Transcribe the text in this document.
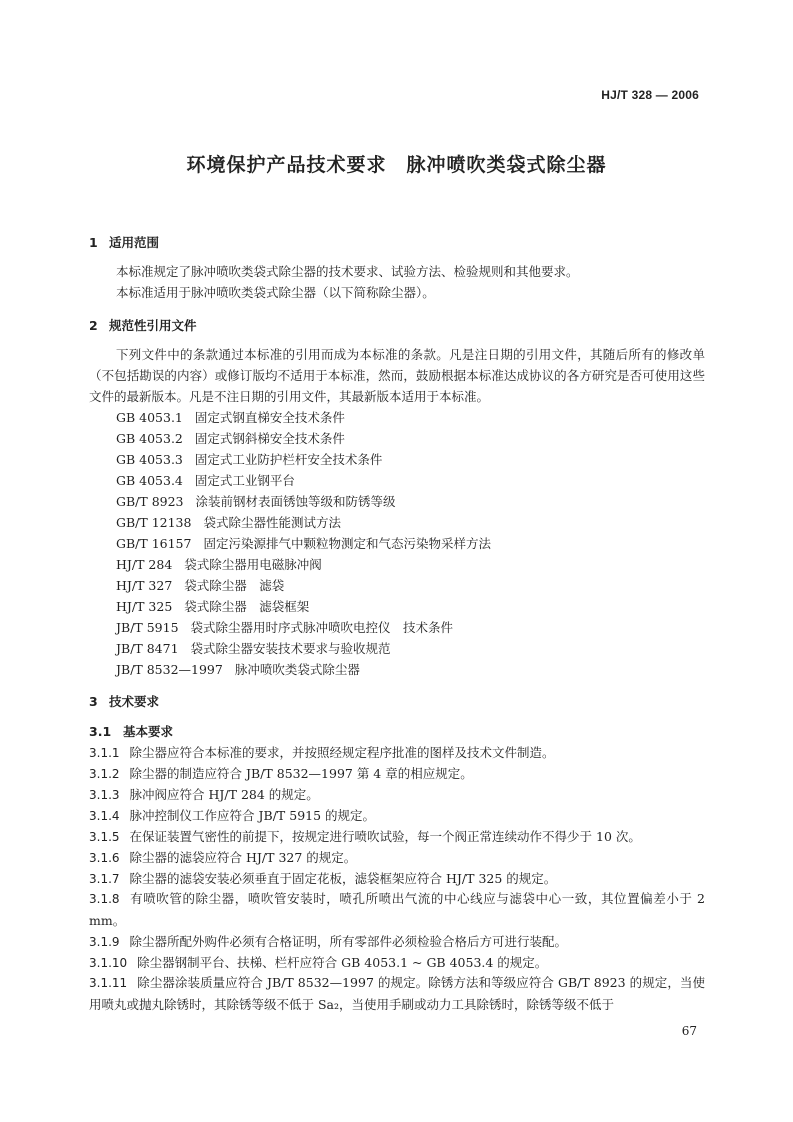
HJ/T 328 — 2006
环境保护产品技术要求　脉冲喷吹类袋式除尘器
1 适用范围
本标准规定了脉冲喷吹类袋式除尘器的技术要求、试验方法、检验规则和其他要求。
本标准适用于脉冲喷吹类袋式除尘器（以下简称除尘器）。
2 规范性引用文件
下列文件中的条款通过本标准的引用而成为本标准的条款。凡是注日期的引用文件，其随后所有的修改单（不包括勘误的内容）或修订版均不适用于本标准，然而，鼓励根据本标准达成协议的各方研究是否可使用这些文件的最新版本。凡是不注日期的引用文件，其最新版本适用于本标准。
GB 4053.1 固定式钢直梯安全技术条件
GB 4053.2 固定式钢斜梯安全技术条件
GB 4053.3 固定式工业防护栏杆安全技术条件
GB 4053.4 固定式工业钢平台
GB/T 8923 涂装前钢材表面锈蚀等级和防锈等级
GB/T 12138 袋式除尘器性能测试方法
GB/T 16157 固定污染源排气中颗粒物测定和气态污染物采样方法
HJ/T 284 袋式除尘器用电磁脉冲阀
HJ/T 327 袋式除尘器　滤袋
HJ/T 325 袋式除尘器　滤袋框架
JB/T 5915 袋式除尘器用时序式脉冲喷吹电控仪　技术条件
JB/T 8471 袋式除尘器安装技术要求与验收规范
JB/T 8532—1997 脉冲喷吹类袋式除尘器
3 技术要求
3.1 基本要求
3.1.1 除尘器应符合本标准的要求，并按照经规定程序批准的图样及技术文件制造。
3.1.2 除尘器的制造应符合 JB/T 8532—1997 第 4 章的相应规定。
3.1.3 脉冲阀应符合 HJ/T 284 的规定。
3.1.4 脉冲控制仪工作应符合 JB/T 5915 的规定。
3.1.5 在保证装置气密性的前提下，按规定进行喷吹试验，每一个阀正常连续动作不得少于 10 次。
3.1.6 除尘器的滤袋应符合 HJ/T 327 的规定。
3.1.7 除尘器的滤袋安装必须垂直于固定花板，滤袋框架应符合 HJ/T 325 的规定。
3.1.8 有喷吹管的除尘器，喷吹管安装时，喷孔所喷出气流的中心线应与滤袋中心一致，其位置偏差小于 2 mm。
3.1.9 除尘器所配外购件必须有合格证明，所有零部件必须检验合格后方可进行装配。
3.1.10 除尘器钢制平台、扶梯、栏杆应符合 GB 4053.1 ~ GB 4053.4 的规定。
3.1.11 除尘器涂装质量应符合 JB/T 8532—1997 的规定。除锈方法和等级应符合 GB/T 8923 的规定，当使用喷丸或抛丸除锈时，其除锈等级不低于 Sa₂，当使用手刷或动力工具除锈时，除锈等级不低于
67
